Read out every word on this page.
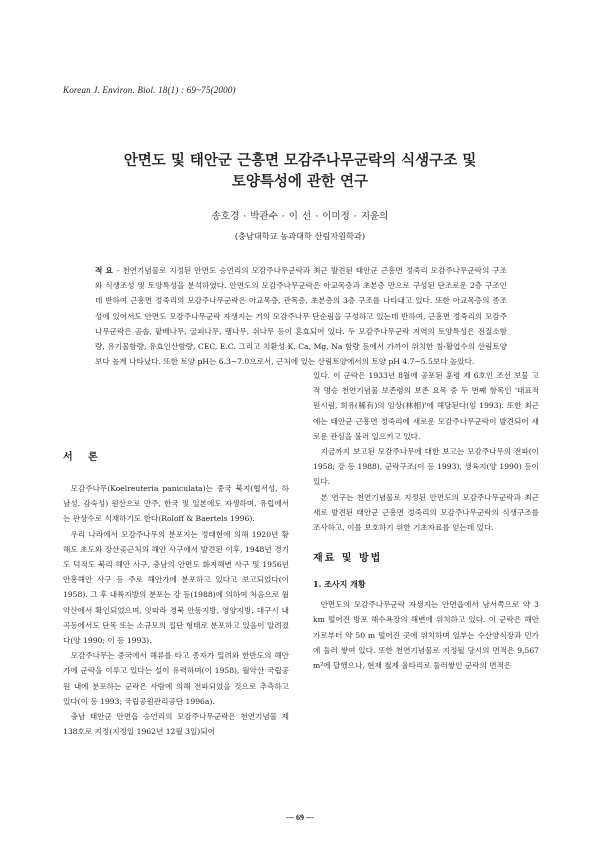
Korean J. Environ. Biol. 18(1) : 69~75(2000)
안면도 및 태안군 근흥면 모감주나무군락의 식생구조 및
토양특성에 관한 연구
송호경 · 박관수 · 이 선 · 이미정 · 지윤의
(충남대학교 농과대학 산림자원학과)

적 요 - 천연기념물로 지정된 안면도 승언리의 모감주나무군락과 최근 발견된 태안군 근흥면 정죽리 모감주나무군락의 구조와 식생조성 및 토양특성을 분석하였다. 안면도의 모감주나무군락은 아교목층과 초본층 만으로 구성된 단조로운 2층 구조인데 반하여 근흥면 정죽리의 모감주나무군락은 아교목층, 관목층, 초본층의 3층 구조를 나타내고 있다. 또한 아교목층의 종조성에 있어서도 안면도 모감주나무군락 자생지는 거의 모감주나무 단순림을 구성하고 있는데 반하여, 근흥면 정죽리의 모감주나무군락은 곰솔, 팥배나무, 굴피나무, 팽나무, 쉬나무 등이 혼효되어 있다. 두 모감주나무군락 지역의 토양특성은 전질소함량, 유기물함량, 유효인산함량, CEC, E.C. 그리고 치환성 K, Ca, Mg, Na 함량 등에서 가까이 위치한 침·활엽수의 산림토양보다 높게 나타났다. 또한 토양 pH는 6.3~7.0으로서, 근처에 있는 산림토양에서의 토양 pH 4.7~5.5보다 높았다.

서 론

모감주나무(Koelreuteria paniculata)는 중국 북지(협서성, 하남성, 감숙성) 원산으로 만주, 한국 및 일본에도 자생하며, 유럽에서는 관상수로 식재하기도 한다(Roloff & Baertels 1996).

우리 나라에서 모감주나무의 분포지는 정태현에 의해 1920년 황해도 초도와 장산곶근처의 해안 사구에서 발견된 이후, 1948년 경기도 덕적도 북리 해안 사구, 충남의 안면도 화지해변 사구 및 1956년 안흥해안 사구 등 주로 해안가에 분포하고 있다고 보고되었다(이 1958). 그 후 내륙지방의 분포는 강 등(1988)에 의하여 처음으로 월악산에서 확인되었으며, 잇따라 경북 안동지방, 영양지방, 대구시 내곡동에서도 단목 또는 소규모의 집단 형태로 분포하고 있음이 알려졌다(양 1990; 이 등 1993).

모감주나무는 중국에서 해류를 타고 종자가 밀려와 한반도의 해안가에 군락을 이루고 있다는 설이 유력하며(이 1958), 월악산 국립공원 내에 분포하는 군락은 사람에 의해 전파되었을 것으로 추측하고 있다(이 등 1993; 국립공원관리공단 1996a).

충남 태안군 안면읍 승언리의 모감주나무군락은 천연기념물 제 138호로 지정(지정일 1962년 12월 3일)되어

있다. 이 군락은 1933년 8월에 공포된 훈령 제 6호인 조선 보물 고적 명승 천연기념물 보존령의 보존 요목 중 두 번째 항목인 '대표적 원시림, 희유(稀有)의 임상(林相)'에 해당된다(임 1993). 또한 최근에는 태안군 근흥면 정죽리에 새로운 모감주나무군락이 발견되어 새로운 관심을 불러 일으키고 있다.

지금까지 보고된 모감주나무에 대한 보고는 모감주나무의 전파(이 1958; 강 등 1988), 군락구조(이 등 1993), 생육지(양 1990) 등이 있다.

본 연구는 천연기념물로 지정된 안면도의 모감주나무군락과 최근 새로 발견된 태안군 근흥면 정죽리의 모감주나무군락의 식생구조를 조사하고, 이를 보호하기 위한 기초자료를 얻는데 있다.

재료 및 방법

1. 조사지 개황

안면도의 모감주나무군락 자생지는 안면읍에서 남서쪽으로 약 3 km 떨어진 방포 해수욕장의 해변에 위치하고 있다. 이 군락은 해안가로부터 약 50 m 떨어진 곳에 위치하며 일부는 수산양식장과 민가에 둘러 쌓여 있다. 또한 천연기념물로 지정될 당시의 면적은 9,567 m²에 달했으나, 현재 철제 울타리로 둘러쌓인 군락의 면적은

— 69 —
